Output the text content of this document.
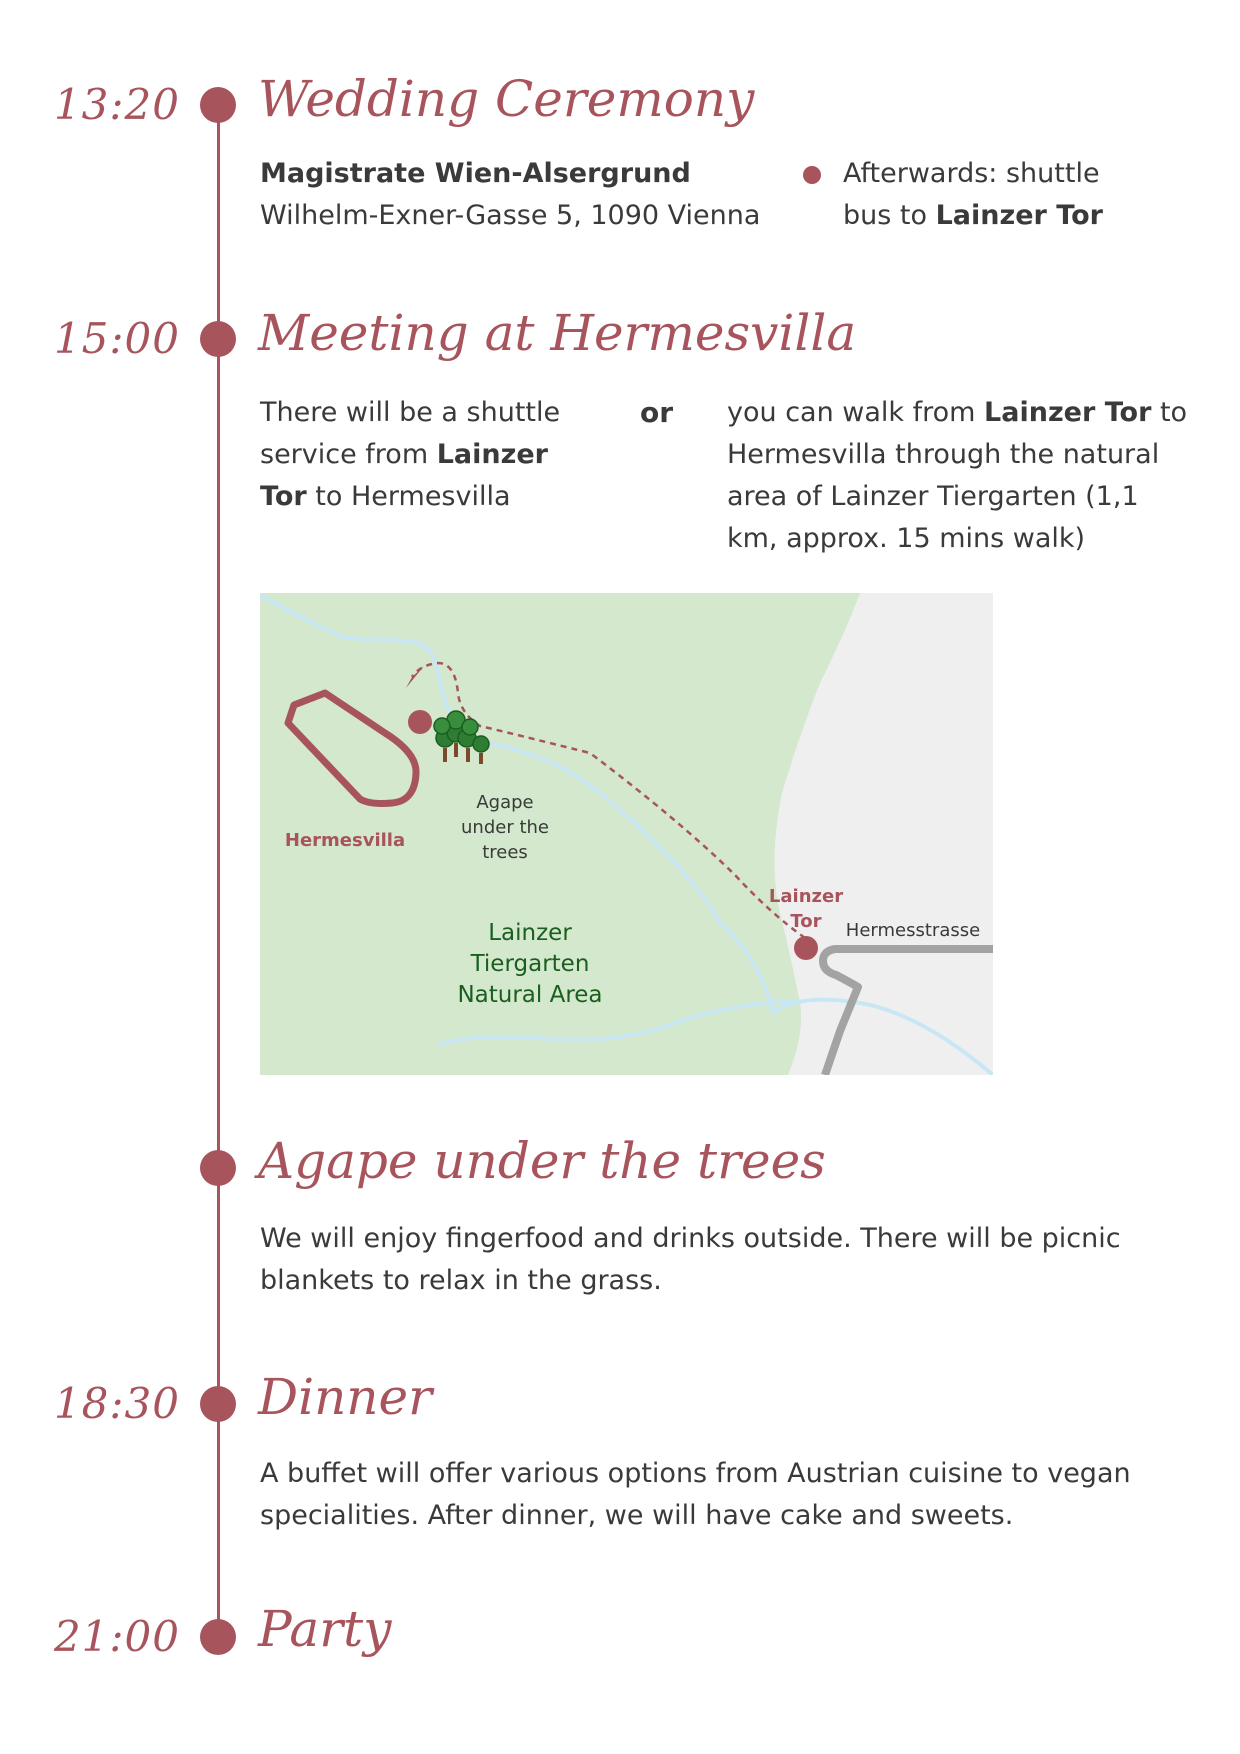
13:20 Wedding Ceremony
Magistrate Wien-Alsergrund
Wilhelm-Exner-Gasse 5, 1090 Vienna
Afterwards: shuttle bus to Lainzer Tor
15:00 Meeting at Hermesvilla
There will be a shuttle service from Lainzer Tor to Hermesvilla
or you can walk from Lainzer Tor to Hermesvilla through the natural area of Lainzer Tiergarten (1,1 km, approx. 15 mins walk)
Hermesvilla
Agape
under the
trees
Lainzer
Tor Hermesstrasse
Lainzer
Tiergarten
Natural Area
Agape under the trees
We will enjoy fingerfood and drinks outside. There will be picnic blankets to relax in the grass.
18:30 Dinner
A buffet will offer various options from Austrian cuisine to vegan specialities. After dinner, we will have cake and sweets.
21:00 Party
